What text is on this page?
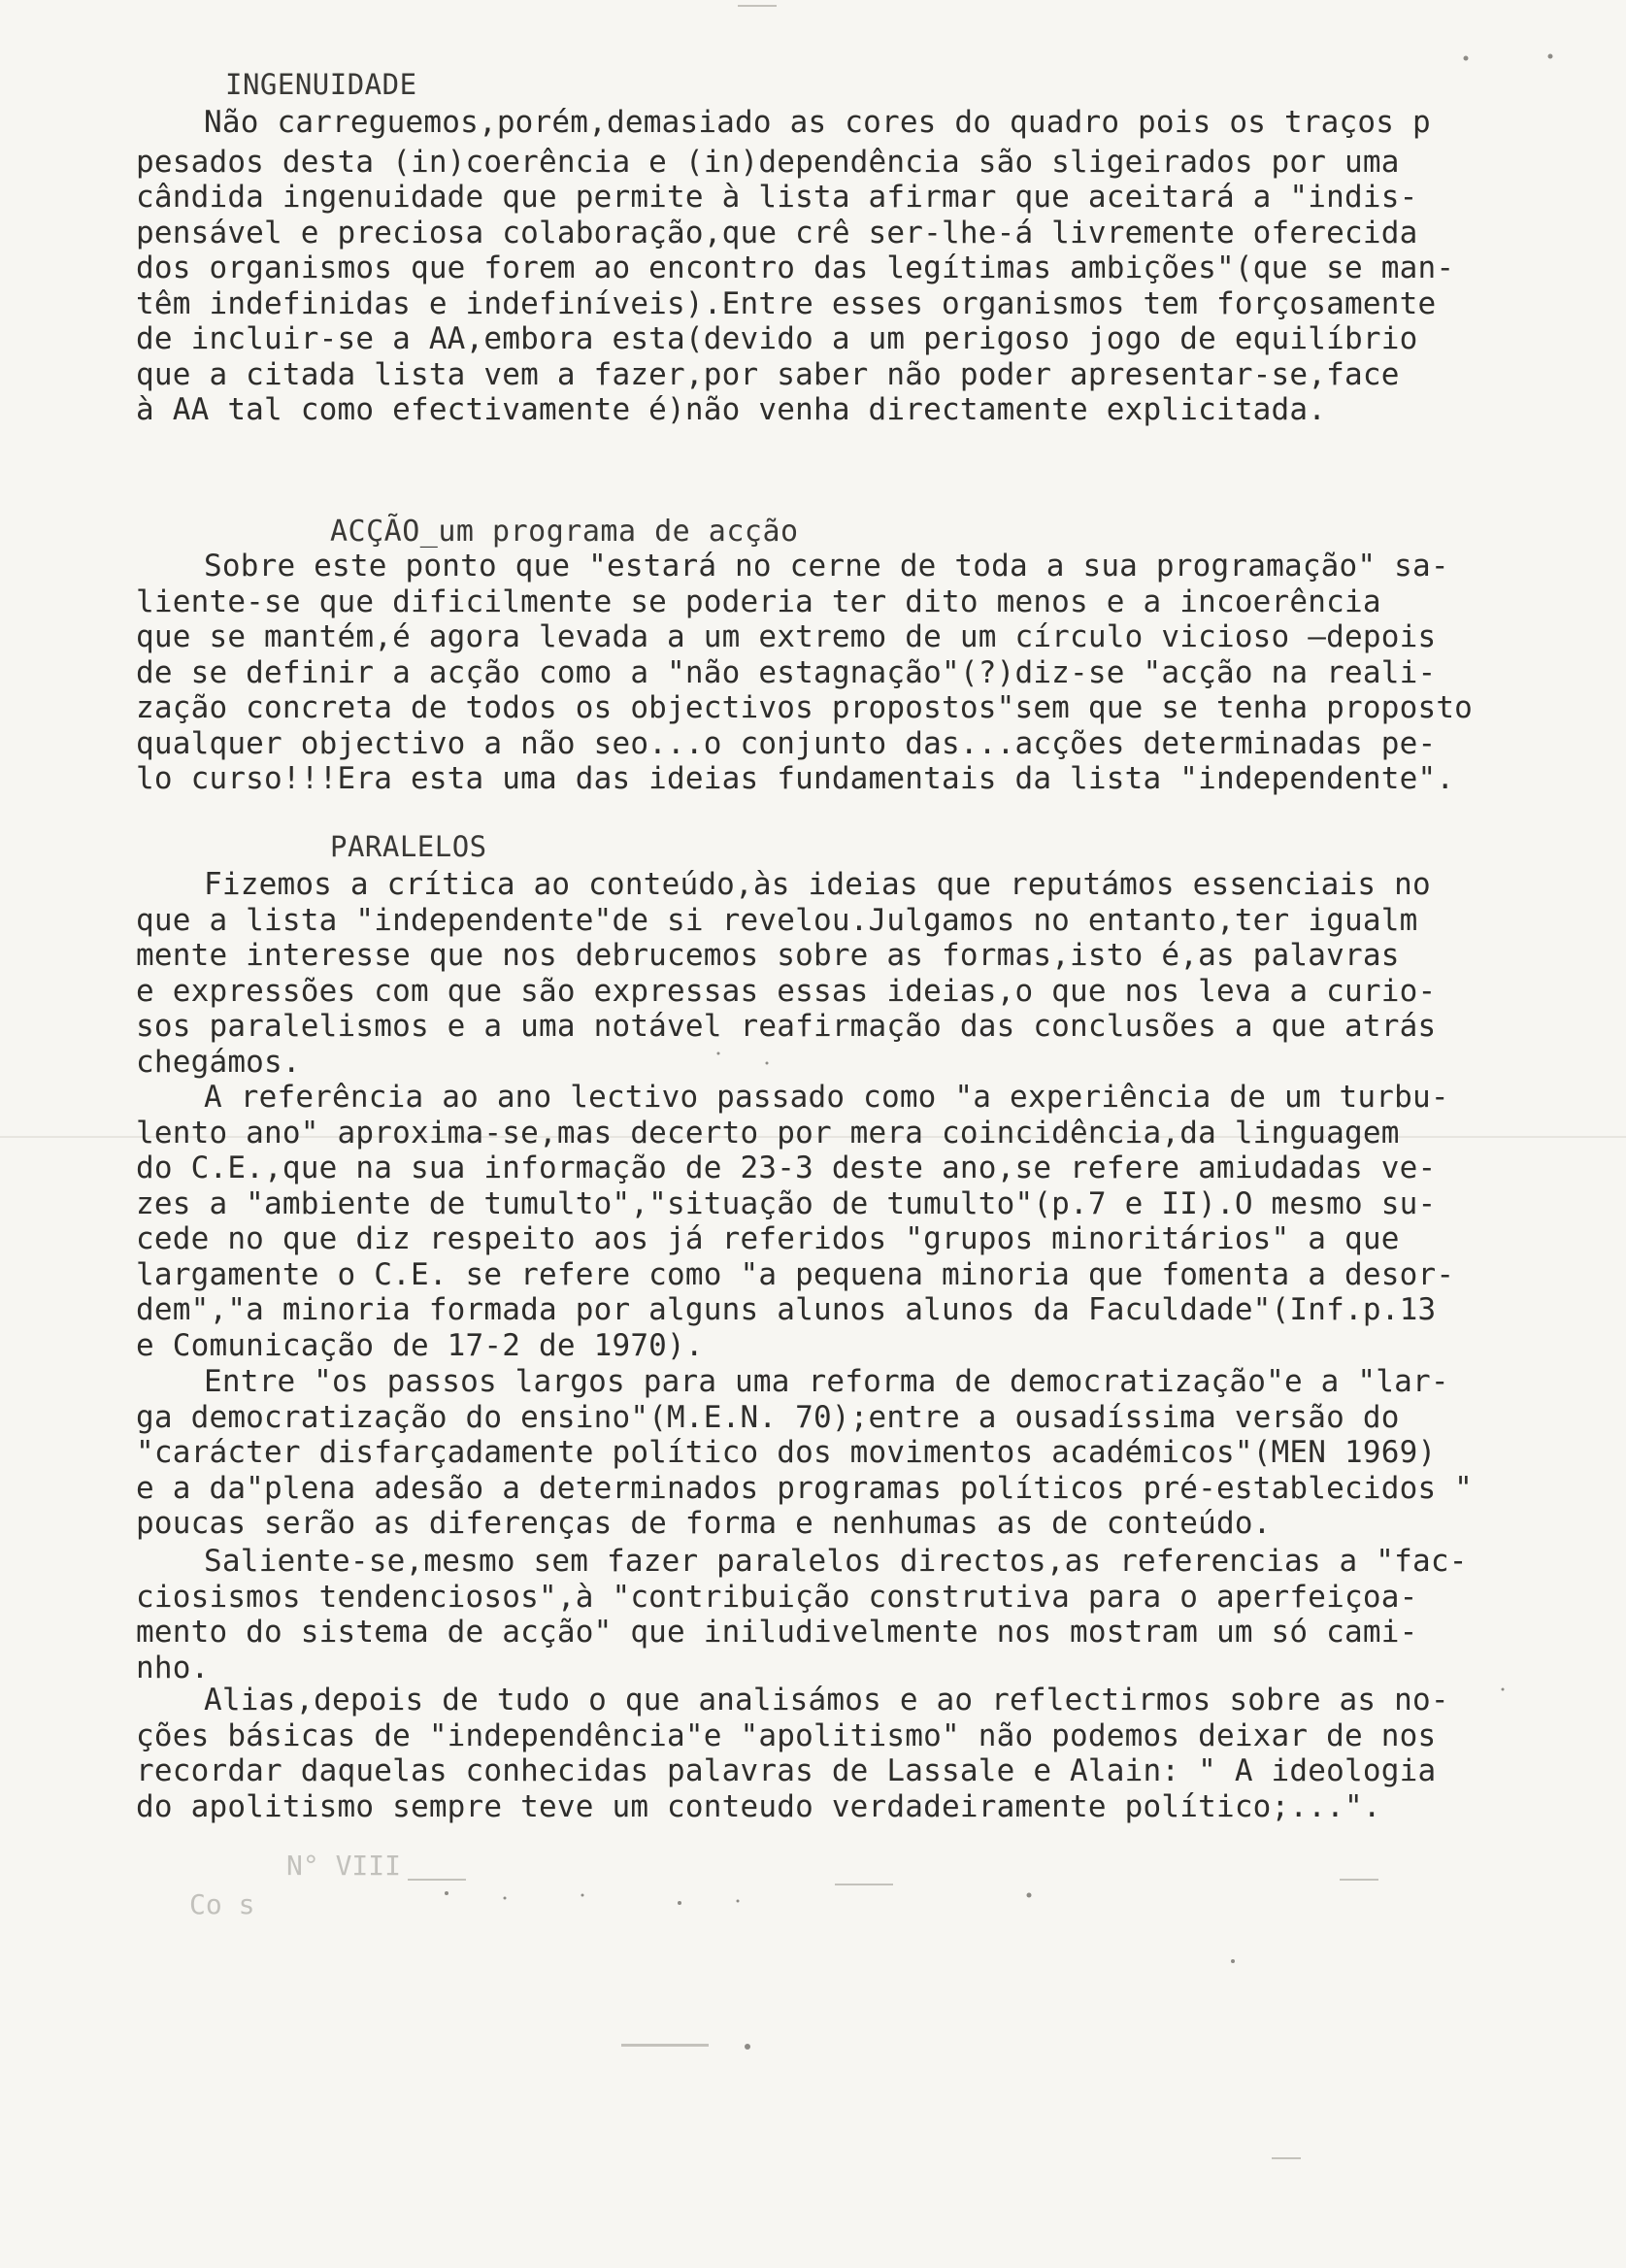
INGENUIDADE
Não carreguemos,porém,demasiado as cores do quadro pois os traços p
pesados desta (in)coerência e (in)dependência são sligeirados por uma
cândida ingenuidade que permite à lista afirmar que aceitará a "indis-
pensável e preciosa colaboração,que crê ser-lhe-á livremente oferecida
dos organismos que forem ao encontro das legítimas ambições"(que se man-
têm indefinidas e indefiníveis).Entre esses organismos tem forçosamente
de incluir-se a AA,embora esta(devido a um perigoso jogo de equilíbrio
que a citada lista vem a fazer,por saber não poder apresentar-se,face
à AA tal como efectivamente é)não venha directamente explicitada.
ACÇÃO_um programa de acção
Sobre este ponto que "estará no cerne de toda a sua programação" sa-
liente-se que dificilmente se poderia ter dito menos e a incoerência
que se mantém,é agora levada a um extremo de um círculo vicioso —depois
de se definir a acção como a "não estagnação"(?)diz-se "acção na reali-
zação concreta de todos os objectivos propostos"sem que se tenha proposto
qualquer objectivo a não seo...o conjunto das...acções determinadas pe-
lo curso!!!Era esta uma das ideias fundamentais da lista "independente".
PARALELOS
Fizemos a crítica ao conteúdo,às ideias que reputámos essenciais no
que a lista "independente"de si revelou.Julgamos no entanto,ter igualm
mente interesse que nos debrucemos sobre as formas,isto é,as palavras
e expressões com que são expressas essas ideias,o que nos leva a curio-
sos paralelismos e a uma notável reafirmação das conclusões a que atrás
chegámos.
A referência ao ano lectivo passado como "a experiência de um turbu-
lento ano" aproxima-se,mas decerto por mera coincidência,da linguagem
do C.E.,que na sua informação de 23-3 deste ano,se refere amiudadas ve-
zes a "ambiente de tumulto","situação de tumulto"(p.7 e II).O mesmo su-
cede no que diz respeito aos já referidos "grupos minoritários" a que
largamente o C.E. se refere como "a pequena minoria que fomenta a desor-
dem","a minoria formada por alguns alunos alunos da Faculdade"(Inf.p.13
e Comunicação de 17-2 de 1970).
Entre "os passos largos para uma reforma de democratização"e a "lar-
ga democratização do ensino"(M.E.N. 70);entre a ousadíssima versão do
"carácter disfarçadamente político dos movimentos académicos"(MEN 1969)
e a da"plena adesão a determinados programas políticos pré-establecidos "
poucas serão as diferenças de forma e nenhumas as de conteúdo.
Saliente-se,mesmo sem fazer paralelos directos,as referencias a "fac-
ciosismos tendenciosos",à "contribuição construtiva para o aperfeiçoa-
mento do sistema de acção" que iniludivelmente nos mostram um só cami-
nho.
Alias,depois de tudo o que analisámos e ao reflectirmos sobre as no-
ções básicas de "independência"e "apolitismo" não podemos deixar de nos
recordar daquelas conhecidas palavras de Lassale e Alain: " A ideologia
do apolitismo sempre teve um conteudo verdadeiramente político;...".
N° VIII
Co s
